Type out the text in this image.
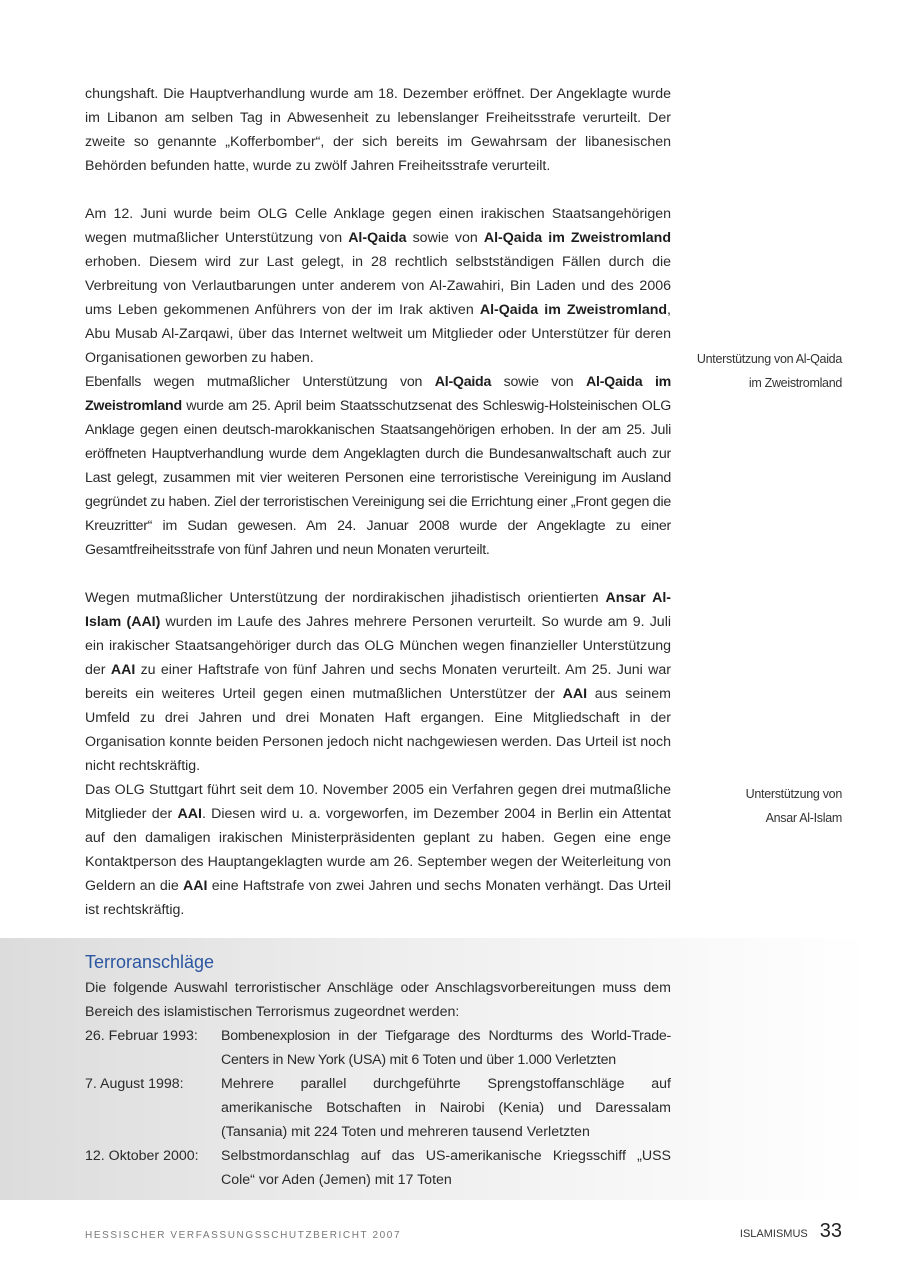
chungshaft. Die Hauptverhandlung wurde am 18. Dezember eröffnet. Der Angeklagte wurde im Libanon am selben Tag in Abwesenheit zu lebenslanger Freiheitsstrafe verurteilt. Der zweite so genannte „Kofferbomber“, der sich bereits im Gewahrsam der libanesischen Behörden befunden hatte, wurde zu zwölf Jahren Freiheitsstrafe verurteilt.

Am 12. Juni wurde beim OLG Celle Anklage gegen einen irakischen Staatsangehörigen wegen mutmaßlicher Unterstützung von Al-Qaida sowie von Al-Qaida im Zweistromland erhoben. Diesem wird zur Last gelegt, in 28 rechtlich selbstständigen Fällen durch die Verbreitung von Verlautbarungen unter anderem von Al-Zawahiri, Bin Laden und des 2006 ums Leben gekommenen Anführers von der im Irak aktiven Al-Qaida im Zweistromland, Abu Musab Al-Zarqawi, über das Internet weltweit um Mitglieder oder Unterstützer für deren Organisationen geworben zu haben.

Ebenfalls wegen mutmaßlicher Unterstützung von Al-Qaida sowie von Al-Qaida im Zweistromland wurde am 25. April beim Staatsschutzsenat des Schleswig-Holsteinischen OLG Anklage gegen einen deutsch-marokkanischen Staatsangehörigen erhoben. In der am 25. Juli eröffneten Hauptverhandlung wurde dem Angeklagten durch die Bundesanwaltschaft auch zur Last gelegt, zusammen mit vier weiteren Personen eine terroristische Vereinigung im Ausland gegründet zu haben. Ziel der terroristischen Vereinigung sei die Errichtung einer „Front gegen die Kreuzritter“ im Sudan gewesen. Am 24. Januar 2008 wurde der Angeklagte zu einer Gesamtfreiheitsstrafe von fünf Jahren und neun Monaten verurteilt.

Wegen mutmaßlicher Unterstützung der nordirakischen jihadistisch orientierten Ansar Al-Islam (AAI) wurden im Laufe des Jahres mehrere Personen verurteilt. So wurde am 9. Juli ein irakischer Staatsangehöriger durch das OLG München wegen finanzieller Unterstützung der AAI zu einer Haftstrafe von fünf Jahren und sechs Monaten verurteilt. Am 25. Juni war bereits ein weiteres Urteil gegen einen mutmaßlichen Unterstützer der AAI aus seinem Umfeld zu drei Jahren und drei Monaten Haft ergangen. Eine Mitgliedschaft in der Organisation konnte beiden Personen jedoch nicht nachgewiesen werden. Das Urteil ist noch nicht rechtskräftig.

Das OLG Stuttgart führt seit dem 10. November 2005 ein Verfahren gegen drei mutmaßliche Mitglieder der AAI. Diesen wird u. a. vorgeworfen, im Dezember 2004 in Berlin ein Attentat auf den damaligen irakischen Ministerpräsidenten geplant zu haben. Gegen eine enge Kontaktperson des Hauptangeklagten wurde am 26. September wegen der Weiterleitung von Geldern an die AAI eine Haftstrafe von zwei Jahren und sechs Monaten verhängt. Das Urteil ist rechtskräftig.

Unterstützung von Al-Qaida
im Zweistromland
Unterstützung von
Ansar Al-Islam
Terroranschläge

Die folgende Auswahl terroristischer Anschläge oder Anschlagsvorbereitungen muss dem Bereich des islamistischen Terrorismus zugeordnet werden:

26. Februar 1993:	Bombenexplosion in der Tiefgarage des Nordturms des World-Trade-Centers in New York (USA) mit 6 Toten und über 1.000 Verletzten
7. August 1998:	Mehrere parallel durchgeführte Sprengstoffanschläge auf amerikanische Botschaften in Nairobi (Kenia) und Daressalam (Tansania) mit 224 Toten und mehreren tausend Verletzten
12. Oktober 2000:	Selbstmordanschlag auf das US-amerikanische Kriegsschiff „USS Cole“ vor Aden (Jemen) mit 17 Toten
HESSISCHER VERFASSUNGSSCHUTZBERICHT 2007	ISLAMISMUS 33
